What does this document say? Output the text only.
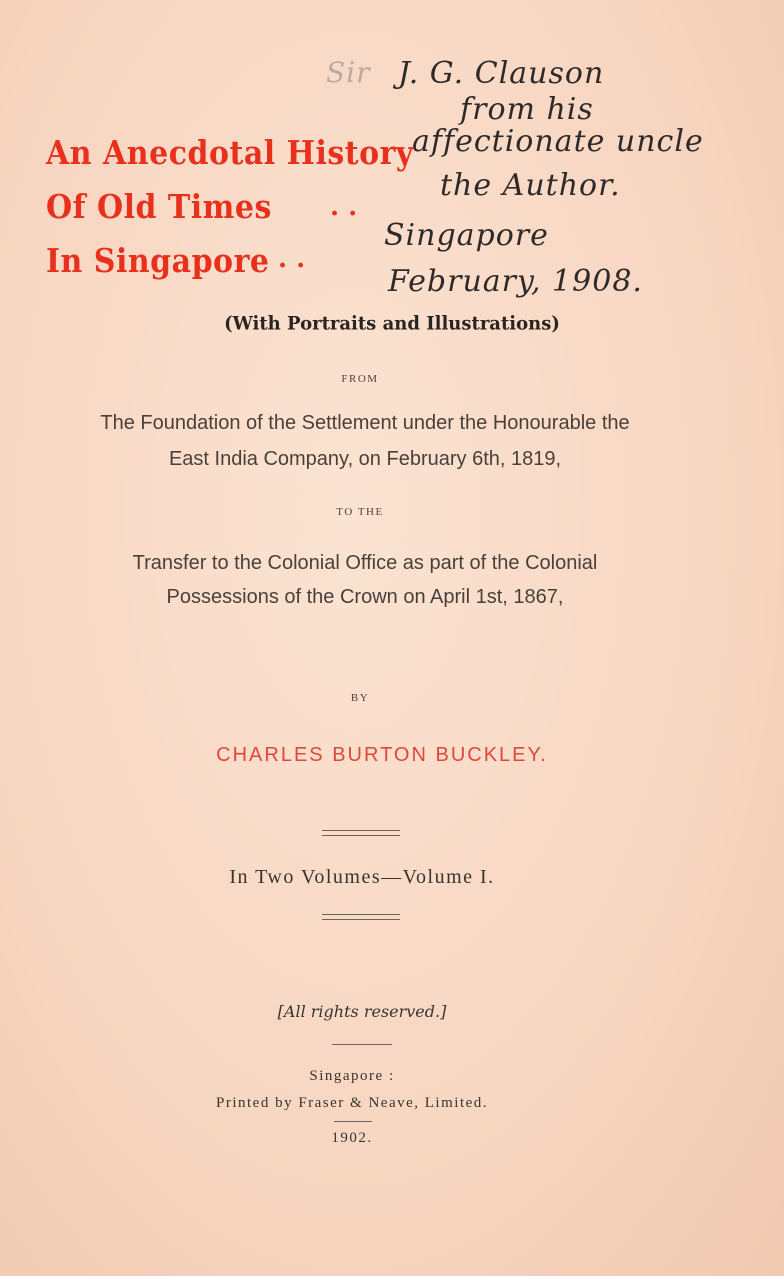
Sir J. G. Clauson
from his
affectionate uncle
the Author.
Singapore
February, 1908.
An Anecdotal History
Of Old Times . .
In Singapore . .
(With Portraits and Illustrations)
FROM
The Foundation of the Settlement under the Honourable the
East India Company, on February 6th, 1819,
TO THE
Transfer to the Colonial Office as part of the Colonial
Possessions of the Crown on April 1st, 1867,
BY
CHARLES BURTON BUCKLEY.
In Two Volumes—Volume I.
[All rights reserved.]
Singapore :
Printed by Fraser & Neave, Limited.
1902.
